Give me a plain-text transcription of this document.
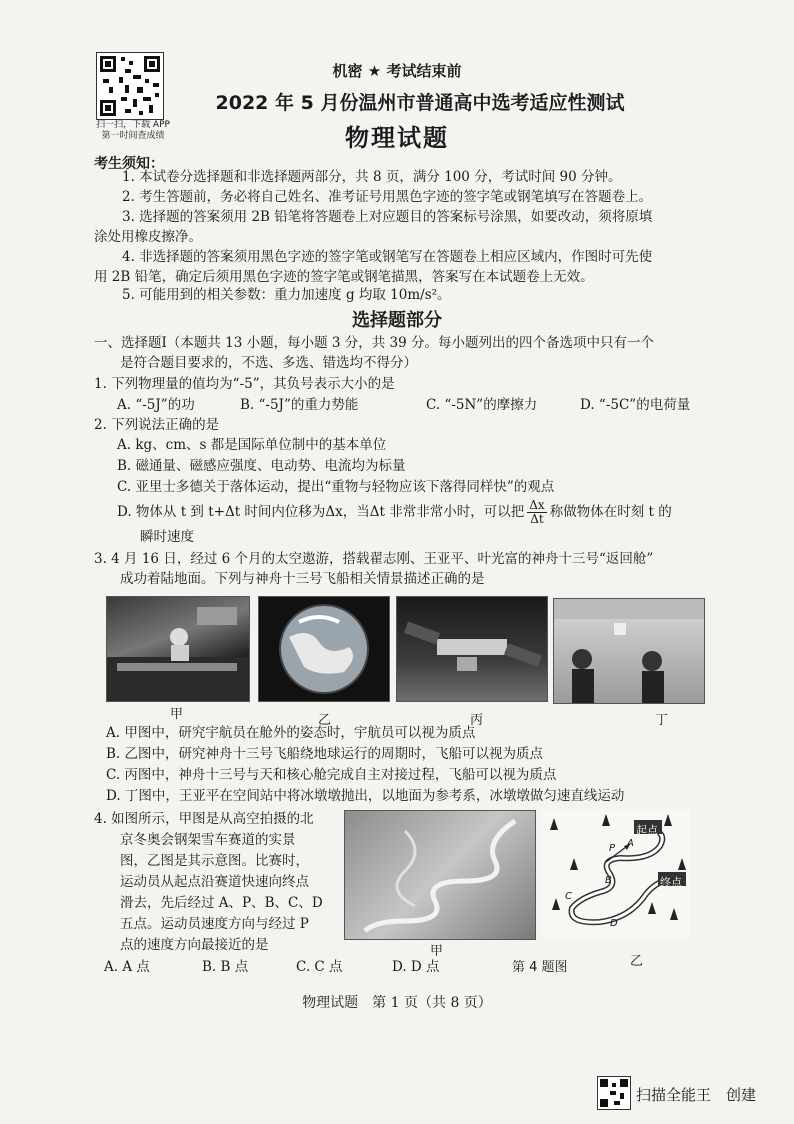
扫一扫，下载 APP
第一时间查成绩
机密 ★ 考试结束前
2022 年 5 月份温州市普通高中选考适应性测试
物理试题
考生须知：
1. 本试卷分选择题和非选择题两部分，共 8 页，满分 100 分，考试时间 90 分钟。
2. 考生答题前，务必将自己姓名、准考证号用黑色字迹的签字笔或钢笔填写在答题卷上。
3. 选择题的答案须用 2B 铅笔将答题卷上对应题目的答案标号涂黑，如要改动，须将原填
涂处用橡皮擦净。
4. 非选择题的答案须用黑色字迹的签字笔或钢笔写在答题卷上相应区域内，作图时可先使
用 2B 铅笔，确定后须用黑色字迹的签字笔或钢笔描黑，答案写在本试题卷上无效。
选择题部分
一、选择题Ⅰ（本题共 13 小题，每小题 3 分，共 39 分。每小题列出的四个备选项中只有一个
是符合题目要求的，不选、多选、错选均不得分）
1. 下列物理量的值均为“-5”，其负号表示大小的是
A. “-5J”的功	B. “-5J”的重力势能	C. “-5N”的摩擦力	D. “-5C”的电荷量
2. 下列说法正确的是
A. kg、cm、s 都是国际单位制中的基本单位
B. 磁通量、磁感应强度、电动势、电流均为标量
C. 亚里士多德关于落体运动，提出“重物与轻物应该下落得同样快”的观点
D. 物体从 t 到 t+Δt 时间内位移为Δx，当Δt 非常非常小时，可以把 $\frac{\Delta x}{\Delta t}$ 称做物体在时刻 t 的
瞬时速度
3. 4 月 16 日，经过 6 个月的太空遨游，搭载翟志刚、王亚平、叶光富的神舟十三号“返回舱”
成功着陆地面。下列与神舟十三号飞船相关情景描述正确的是
甲	乙	丙	丁
A. 甲图中，研究宇航员在舱外的姿态时，宇航员可以视为质点
B. 乙图中，研究神舟十三号飞船绕地球运行的周期时，飞船可以视为质点
C. 丙图中，神舟十三号与天和核心舱完成自主对接过程，飞船可以视为质点
D. 丁图中，王亚平在空间站中将冰墩墩抛出，以地面为参考系，冰墩墩做匀速直线运动
4. 如图所示，甲图是从高空拍摄的北
京冬奥会钢架雪车赛道的实景
图，乙图是其示意图。比赛时，
运动员从起点沿赛道快速向终点
滑去，先后经过 A、P、B、C、D
五点。运动员速度方向与经过 P
点的速度方向最接近的是
A. A 点	B. B 点	C. C 点	D. D 点
甲
第 4 题图
起点
终点
A
P
B
C
D
乙
物理试题　第 1 页（共 8 页）
扫描全能王　创建
5. 可能用到的相关参数：重力加速度 g 均取 10m/s²。
